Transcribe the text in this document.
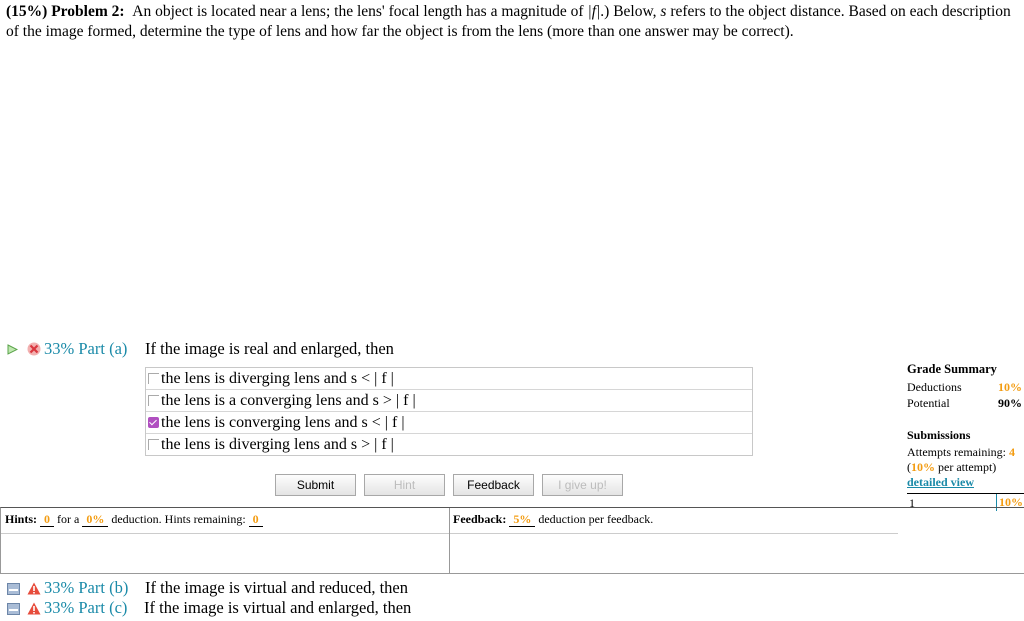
(15%) Problem 2: An object is located near a lens; the lens' focal length has a magnitude of |f|.) Below, s refers to the object distance. Based on each description of the image formed, determine the type of lens and how far the object is from the lens (more than one answer may be correct).

33% Part (a) If the image is real and enlarged, then
the lens is diverging lens and s < | f |
the lens is a converging lens and s > | f |
the lens is converging lens and s < | f |
the lens is diverging lens and s > | f |
Submit	Hint	Feedback	I give up!
Grade Summary
Deductions	10%
Potential	90%
Submissions
Attempts remaining: 4
(10% per attempt)
detailed view
1	10%
Hints: 0 for a 0% deduction. Hints remaining: 0	Feedback: 5% deduction per feedback.
33% Part (b) If the image is virtual and reduced, then
33% Part (c) If the image is virtual and enlarged, then
